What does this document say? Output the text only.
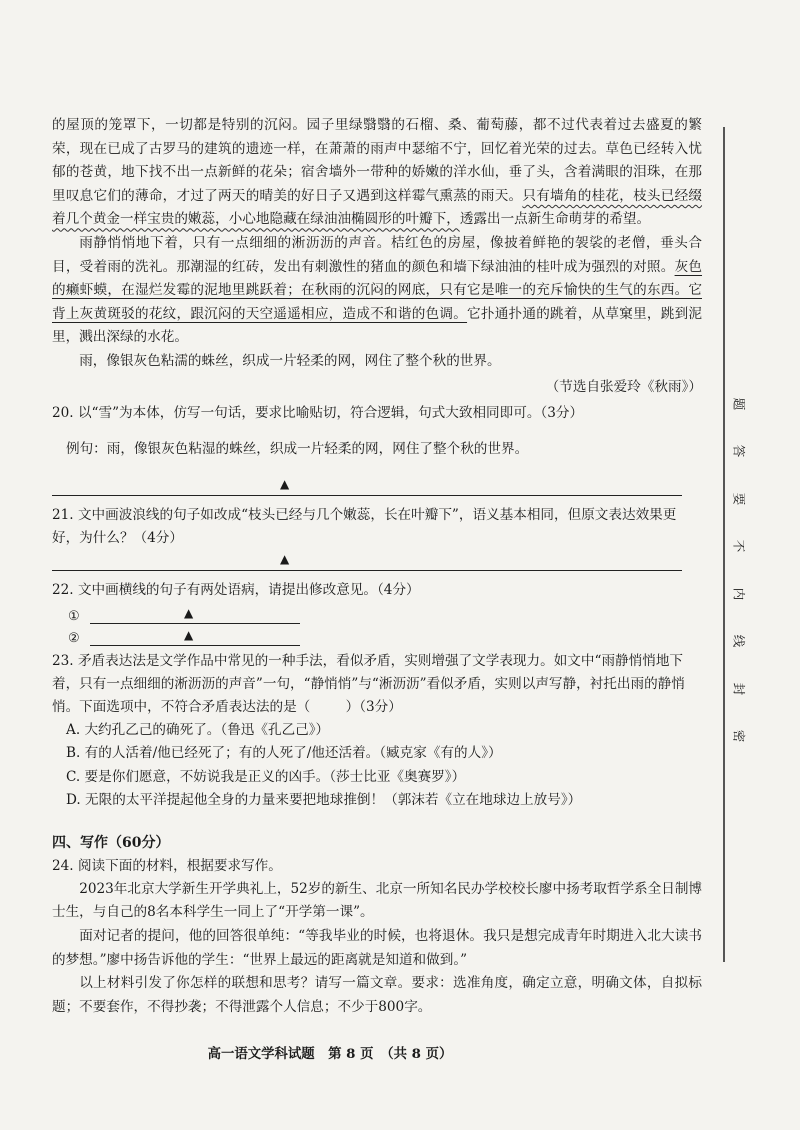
的屋顶的笼罩下，一切都是特别的沉闷。园子里绿翳翳的石榴、桑、葡萄藤，都不过代表着过去盛夏的繁荣，现在已成了古罗马的建筑的遗迹一样，在萧萧的雨声中瑟缩不宁，回忆着光荣的过去。草色已经转入忧郁的苍黄，地下找不出一点新鲜的花朵；宿舍墙外一带种的娇嫩的洋水仙，垂了头，含着满眼的泪珠，在那里叹息它们的薄命，才过了两天的晴美的好日子又遇到这样霉气熏蒸的雨天。只有墙角的桂花，枝头已经缀着几个黄金一样宝贵的嫩蕊，小心地隐藏在绿油油椭圆形的叶瓣下，透露出一点新生命萌芽的希望。

雨静悄悄地下着，只有一点细细的淅沥沥的声音。桔红色的房屋，像披着鲜艳的袈裟的老僧，垂头合目，受着雨的洗礼。那潮湿的红砖，发出有刺激性的猪血的颜色和墙下绿油油的桂叶成为强烈的对照。灰色的癞虾蟆，在湿烂发霉的泥地里跳跃着；在秋雨的沉闷的网底，只有它是唯一的充斥愉快的生气的东西。它背上灰黄斑驳的花纹，跟沉闷的天空遥遥相应，造成不和谐的色调。它扑通扑通的跳着，从草窠里，跳到泥里，溅出深绿的水花。

雨，像银灰色粘濡的蛛丝，织成一片轻柔的网，网住了整个秋的世界。

（节选自张爱玲《秋雨》）

20. 以“雪”为本体，仿写一句话，要求比喻贴切，符合逻辑，句式大致相同即可。（3分）

例句：雨，像银灰色粘湿的蛛丝，织成一片轻柔的网，网住了整个秋的世界。

▲

21. 文中画波浪线的句子如改成“枝头已经与几个嫩蕊，长在叶瓣下”，语义基本相同，但原文表达效果更好，为什么？（4分）

▲

22. 文中画横线的句子有两处语病，请提出修改意见。（4分）

①	▲
②	▲

23. 矛盾表达法是文学作品中常见的一种手法，看似矛盾，实则增强了文学表现力。如文中“雨静悄悄地下着，只有一点细细的淅沥沥的声音”一句，“静悄悄”与“淅沥沥”看似矛盾，实则以声写静，衬托出雨的静悄悄。下面选项中，不符合矛盾表达法的是（	）（3分）

A. 大约孔乙己的确死了。（鲁迅《孔乙己》）
B. 有的人活着/他已经死了；有的人死了/他还活着。（臧克家《有的人》）
C. 要是你们愿意，不妨说我是正义的凶手。（莎士比亚《奥赛罗》）
D. 无限的太平洋提起他全身的力量来要把地球推倒！（郭沫若《立在地球边上放号》）
四、写作（60分）

24. 阅读下面的材料，根据要求写作。

2023年北京大学新生开学典礼上，52岁的新生、北京一所知名民办学校校长廖中扬考取哲学系全日制博士生，与自己的8名本科学生一同上了“开学第一课”。

面对记者的提问，他的回答很单纯：“等我毕业的时候，也将退休。我只是想完成青年时期进入北大读书的梦想。”廖中扬告诉他的学生：“世界上最远的距离就是知道和做到。”

以上材料引发了你怎样的联想和思考？请写一篇文章。要求：选准角度，确定立意，明确文体，自拟标题；不要套作，不得抄袭；不得泄露个人信息；不少于800字。

高一语文学科试题　第 8 页　（共 8 页）
题
答
要
不
内
线
封
密
